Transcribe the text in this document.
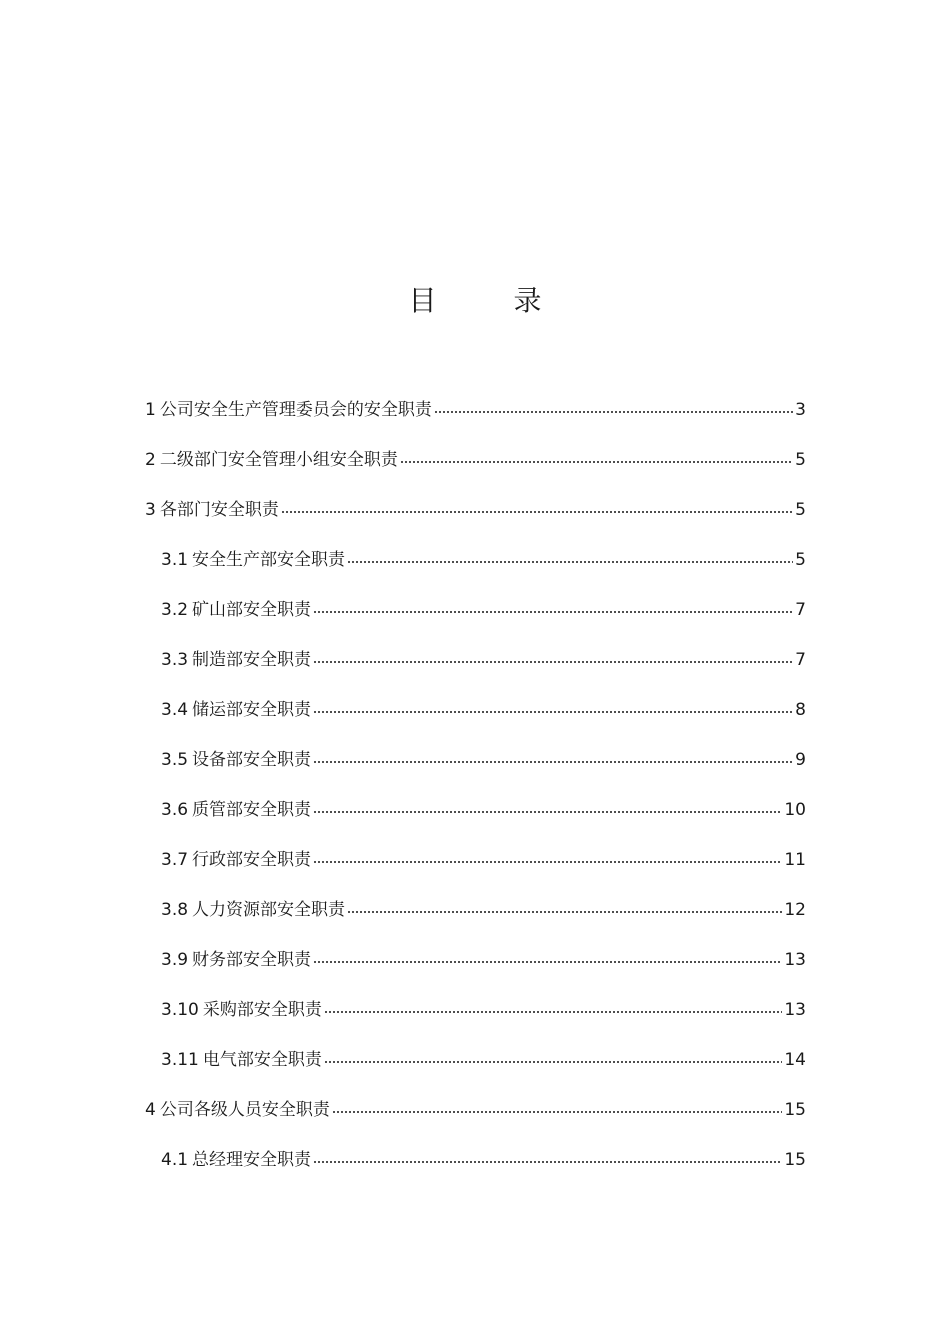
目 录
1 公司安全生产管理委员会的安全职责	3
2 二级部门安全管理小组安全职责	5
3 各部门安全职责	5
3.1 安全生产部安全职责	5
3.2 矿山部安全职责	7
3.3 制造部安全职责	7
3.4 储运部安全职责	8
3.5 设备部安全职责	9
3.6 质管部安全职责	10
3.7 行政部安全职责	11
3.8 人力资源部安全职责	12
3.9 财务部安全职责	13
3.10 采购部安全职责	13
3.11 电气部安全职责	14
4 公司各级人员安全职责	15
4.1 总经理安全职责	15
